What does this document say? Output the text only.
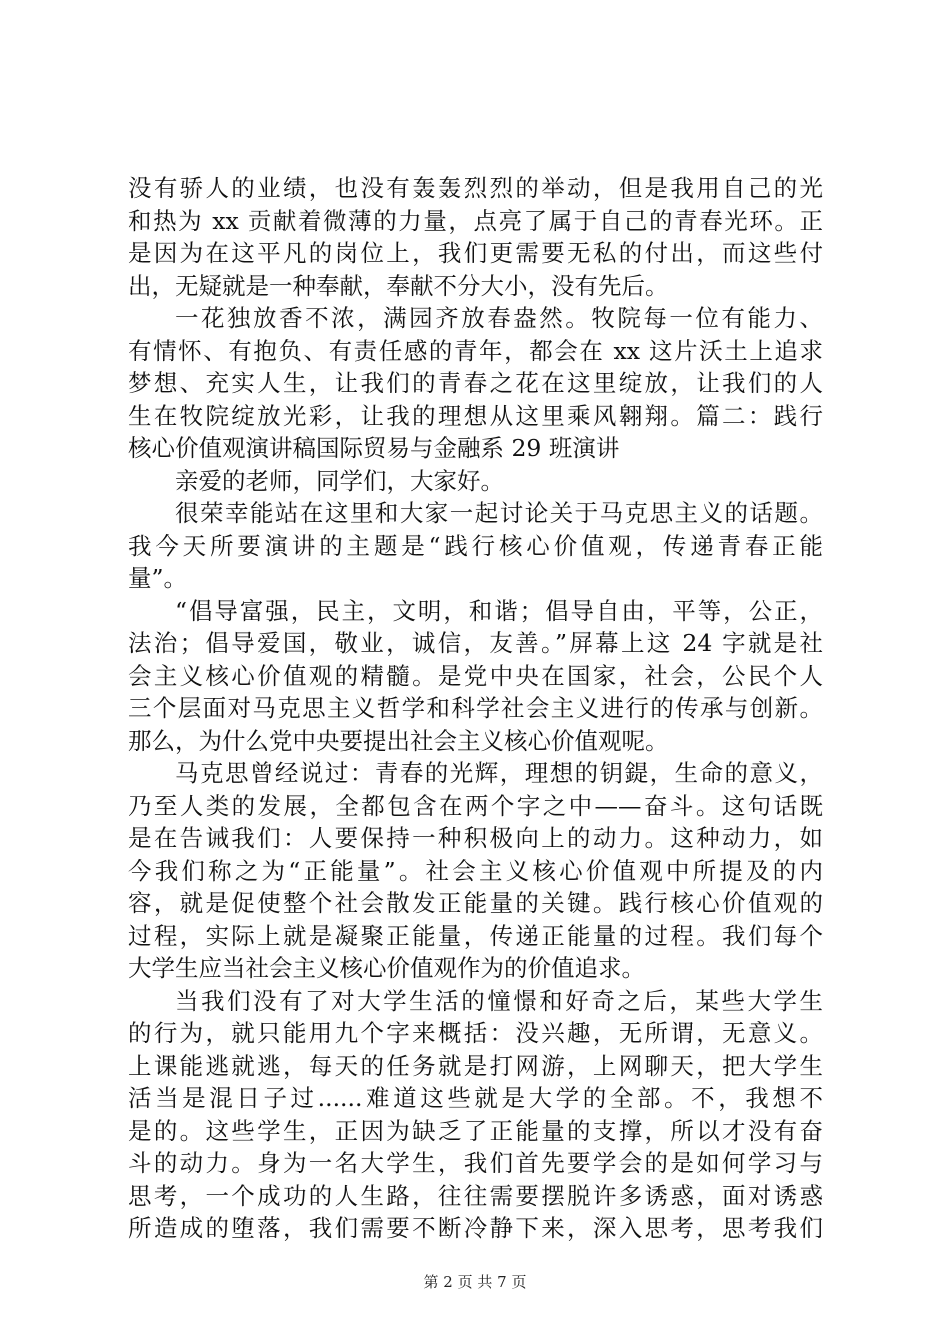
没有骄人的业绩，也没有轰轰烈烈的举动，但是我用自己的光
和热为 xx 贡献着微薄的力量，点亮了属于自己的青春光环。正
是因为在这平凡的岗位上，我们更需要无私的付出，而这些付
出，无疑就是一种奉献，奉献不分大小，没有先后。
一花独放香不浓，满园齐放春盎然。牧院每一位有能力、
有情怀、有抱负、有责任感的青年，都会在 xx 这片沃土上追求
梦想、充实人生，让我们的青春之花在这里绽放，让我们的人
生在牧院绽放光彩，让我的理想从这里乘风翱翔。篇二：践行
核心价值观演讲稿国际贸易与金融系 29 班演讲
亲爱的老师，同学们，大家好。
很荣幸能站在这里和大家一起讨论关于马克思主义的话题。
我今天所要演讲的主题是“践行核心价值观，传递青春正能
量”。
“倡导富强，民主，文明，和谐；倡导自由，平等，公正，
法治；倡导爱国，敬业，诚信，友善。”屏幕上这 24 字就是社
会主义核心价值观的精髓。是党中央在国家，社会，公民个人
三个层面对马克思主义哲学和科学社会主义进行的传承与创新。
那么，为什么党中央要提出社会主义核心价值观呢。
马克思曾经说过：青春的光辉，理想的钥鍉，生命的意义，
乃至人类的发展，全都包含在两个字之中——奋斗。这句话既
是在告诫我们：人要保持一种积极向上的动力。这种动力，如
今我们称之为“正能量”。社会主义核心价值观中所提及的内
容，就是促使整个社会散发正能量的关键。践行核心价值观的
过程，实际上就是凝聚正能量，传递正能量的过程。我们每个
大学生应当社会主义核心价值观作为的价值追求。
当我们没有了对大学生活的憧憬和好奇之后，某些大学生
的行为，就只能用九个字来概括：没兴趣，无所谓，无意义。
上课能逃就逃，每天的任务就是打网游，上网聊天，把大学生
活当是混日子过......难道这些就是大学的全部。不，我想不
是的。这些学生，正因为缺乏了正能量的支撑，所以才没有奋
斗的动力。身为一名大学生，我们首先要学会的是如何学习与
思考，一个成功的人生路，往往需要摆脱许多诱惑，面对诱惑
所造成的堕落，我们需要不断冷静下来，深入思考，思考我们
第 2 页 共 7 页
